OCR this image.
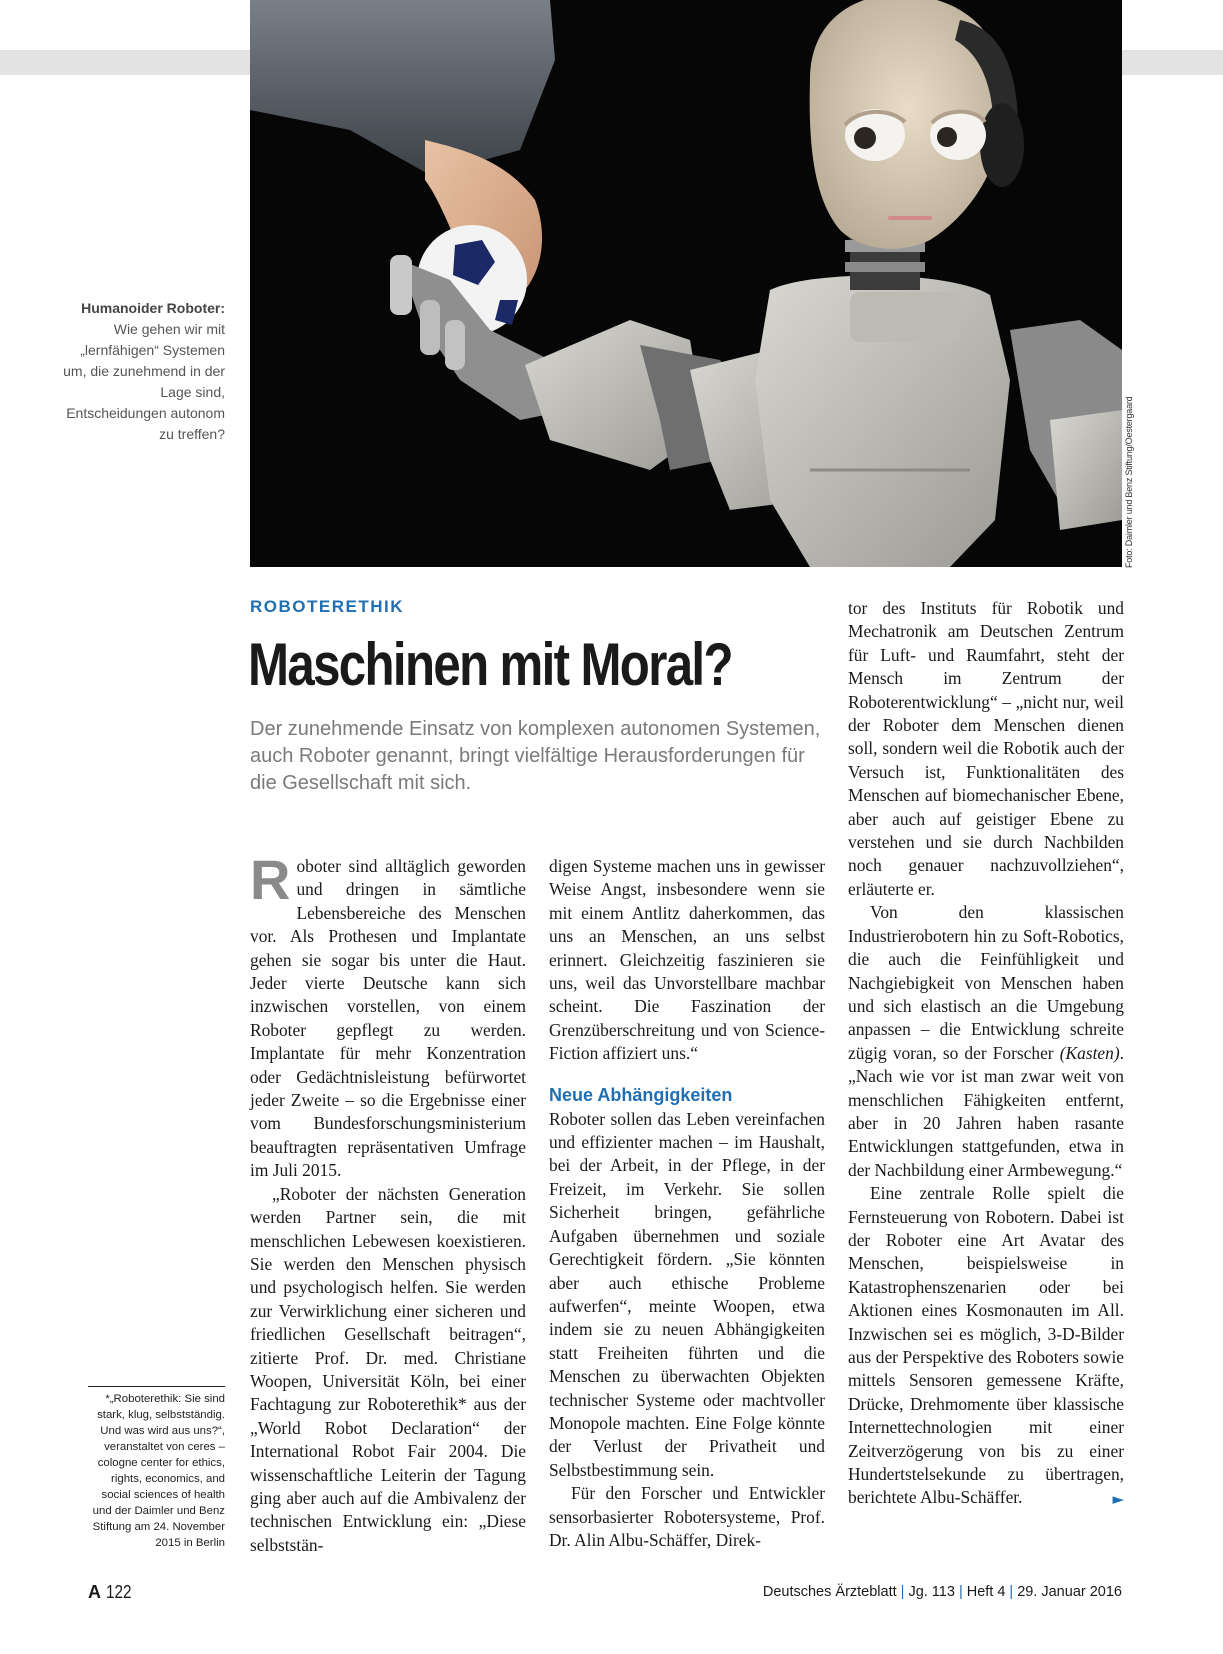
Foto: Daimler und Benz Stiftung/Oestergaard
Humanoider Roboter: Wie gehen wir mit „lernfähigen“ Systemen um, die zunehmend in der Lage sind, Entscheidungen autonom zu treffen?
ROBOTERETHIK
Maschinen mit Moral?

Der zunehmende Einsatz von komplexen autonomen Systemen, auch Roboter genannt, bringt vielfältige Herausforderungen für die Gesellschaft mit sich.

Roboter sind alltäglich geworden und dringen in sämtliche Lebensbereiche des Menschen vor. Als Prothesen und Implantate gehen sie sogar bis unter die Haut. Jeder vierte Deutsche kann sich inzwischen vorstellen, von einem Roboter gepflegt zu werden. Implantate für mehr Konzentration oder Gedächtnisleistung befürwortet jeder Zweite – so die Ergebnisse einer vom Bundesforschungsministerium beauftragten repräsentativen Umfrage im Juli 2015.

„Roboter der nächsten Generation werden Partner sein, die mit menschlichen Lebewesen koexistieren. Sie werden den Menschen physisch und psychologisch helfen. Sie werden zur Verwirklichung einer sicheren und friedlichen Gesellschaft beitragen“, zitierte Prof. Dr. med. Christiane Woopen, Universität Köln, bei einer Fachtagung zur Roboterethik* aus der „World Robot Declaration“ der International Robot Fair 2004. Die wissenschaftliche Leiterin der Tagung ging aber auch auf die Ambivalenz der technischen Entwicklung ein: „Diese selbststän-

digen Systeme machen uns in gewisser Weise Angst, insbesondere wenn sie mit einem Antlitz daherkommen, das uns an Menschen, an uns selbst erinnert. Gleichzeitig faszinieren sie uns, weil das Unvorstellbare machbar scheint. Die Faszination der Grenzüberschreitung und von Science-Fiction affiziert uns.“

Neue Abhängigkeiten

Roboter sollen das Leben vereinfachen und effizienter machen – im Haushalt, bei der Arbeit, in der Pflege, in der Freizeit, im Verkehr. Sie sollen Sicherheit bringen, gefährliche Aufgaben übernehmen und soziale Gerechtigkeit fördern. „Sie könnten aber auch ethische Probleme aufwerfen“, meinte Woopen, etwa indem sie zu neuen Abhängigkeiten statt Freiheiten führten und die Menschen zu überwachten Objekten technischer Systeme oder machtvoller Monopole machten. Eine Folge könnte der Verlust der Privatheit und Selbstbestimmung sein.

Für den Forscher und Entwickler sensorbasierter Robotersysteme, Prof. Dr. Alin Albu-Schäffer, Direk-

tor des Instituts für Robotik und Mechatronik am Deutschen Zentrum für Luft- und Raumfahrt, steht der Mensch im Zentrum der Roboterentwicklung“ – „nicht nur, weil der Roboter dem Menschen dienen soll, sondern weil die Robotik auch der Versuch ist, Funktionalitäten des Menschen auf biomechanischer Ebene, aber auch auf geistiger Ebene zu verstehen und sie durch Nachbilden noch genauer nachzuvollziehen“, erläuterte er.

Von den klassischen Industrierobotern hin zu Soft-Robotics, die auch die Feinfühligkeit und Nachgiebigkeit von Menschen haben und sich elastisch an die Umgebung anpassen – die Entwicklung schreite zügig voran, so der Forscher (Kasten). „Nach wie vor ist man zwar weit von menschlichen Fähigkeiten entfernt, aber in 20 Jahren haben rasante Entwicklungen stattgefunden, etwa in der Nachbildung einer Armbewegung.“

Eine zentrale Rolle spielt die Fernsteuerung von Robotern. Dabei ist der Roboter eine Art Avatar des Menschen, beispielsweise in Katastrophenszenarien oder bei Aktionen eines Kosmonauten im All. Inzwischen sei es möglich, 3-D-Bilder aus der Perspektive des Roboters sowie mittels Sensoren gemessene Kräfte, Drücke, Drehmomente über klassische Internettechnologien mit einer Zeitverzögerung von bis zu einer Hundertstelsekunde zu übertragen, berichtete Albu-Schäffer.	►

*„Roboterethik: Sie sind stark, klug, selbstständig. Und was wird aus uns?“, veranstaltet von ceres – cologne center for ethics, rights, economics, and social sciences of health und der Daimler und Benz Stiftung am 24. November 2015 in Berlin
A 122	Deutsches Ärzteblatt | Jg. 113 | Heft 4 | 29. Januar 2016
